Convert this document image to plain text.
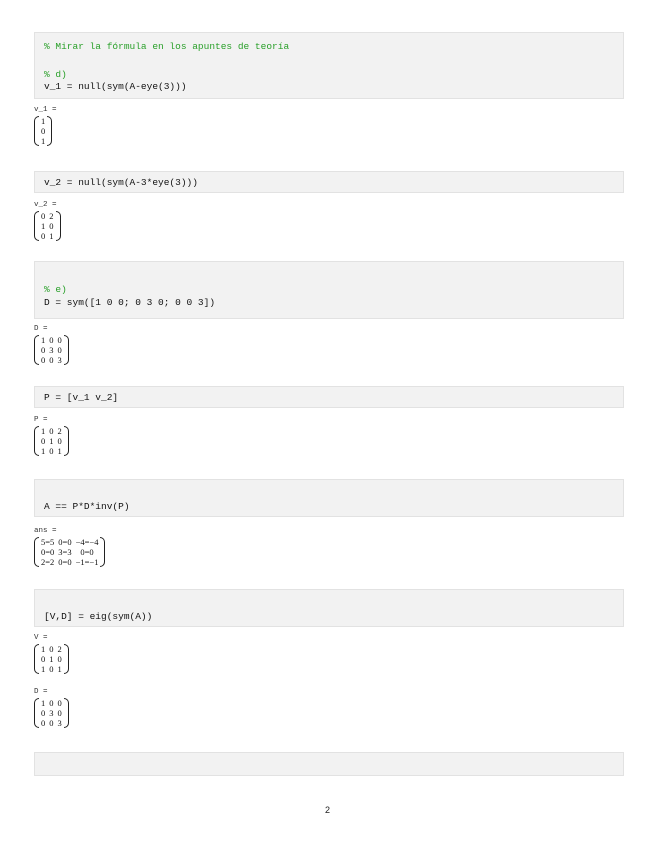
% Mirar la fórmula en los apuntes de teoría
% d)
v_1 = null(sym(A-eye(3)))
v_1 =
1
0
1
v_2 = null(sym(A-3*eye(3)))
v_2 =
0	2
1	0
0	1
% e)
D = sym([1 0 0; 0 3 0; 0 0 3])
D =
1	0	0
0	3	0
0	0	3
P = [v_1 v_2]
P =
1	0	2
0	1	0
1	0	1
A == P*D*inv(P)
ans =
5=5	0=0	−4=−4
0=0	3=3	0=0
2=2	0=0	−1=−1
[V,D] = eig(sym(A))
V =
1	0	2
0	1	0
1	0	1
D =
1	0	0
0	3	0
0	0	3
2
